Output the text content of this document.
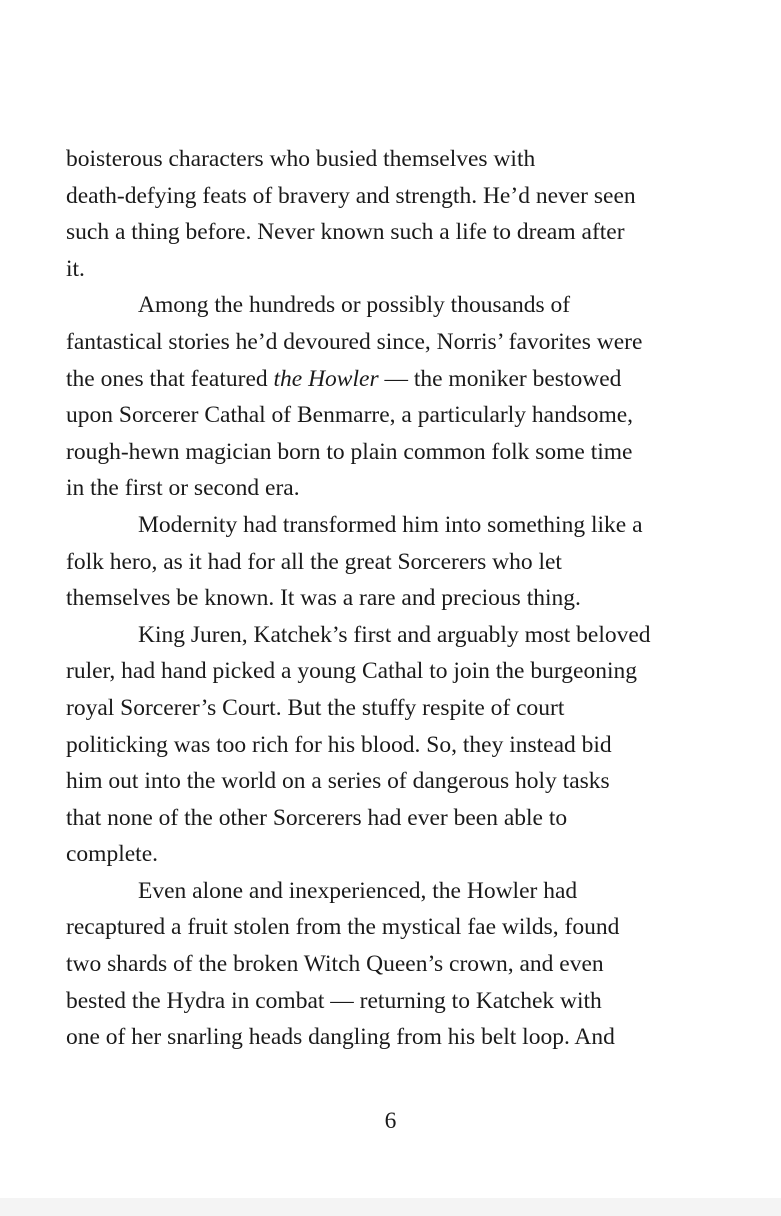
boisterous characters who busied themselves with
death-defying feats of bravery and strength. He’d never seen
such a thing before. Never known such a life to dream after
it.
Among the hundreds or possibly thousands of
fantastical stories he’d devoured since, Norris’ favorites were
the ones that featured the Howler — the moniker bestowed
upon Sorcerer Cathal of Benmarre, a particularly handsome,
rough-hewn magician born to plain common folk some time
in the first or second era.
Modernity had transformed him into something like a
folk hero, as it had for all the great Sorcerers who let
themselves be known. It was a rare and precious thing.
King Juren, Katchek’s first and arguably most beloved
ruler, had hand picked a young Cathal to join the burgeoning
royal Sorcerer’s Court. But the stuffy respite of court
politicking was too rich for his blood. So, they instead bid
him out into the world on a series of dangerous holy tasks
that none of the other Sorcerers had ever been able to
complete.
Even alone and inexperienced, the Howler had
recaptured a fruit stolen from the mystical fae wilds, found
two shards of the broken Witch Queen’s crown, and even
bested the Hydra in combat — returning to Katchek with
one of her snarling heads dangling from his belt loop. And
6
